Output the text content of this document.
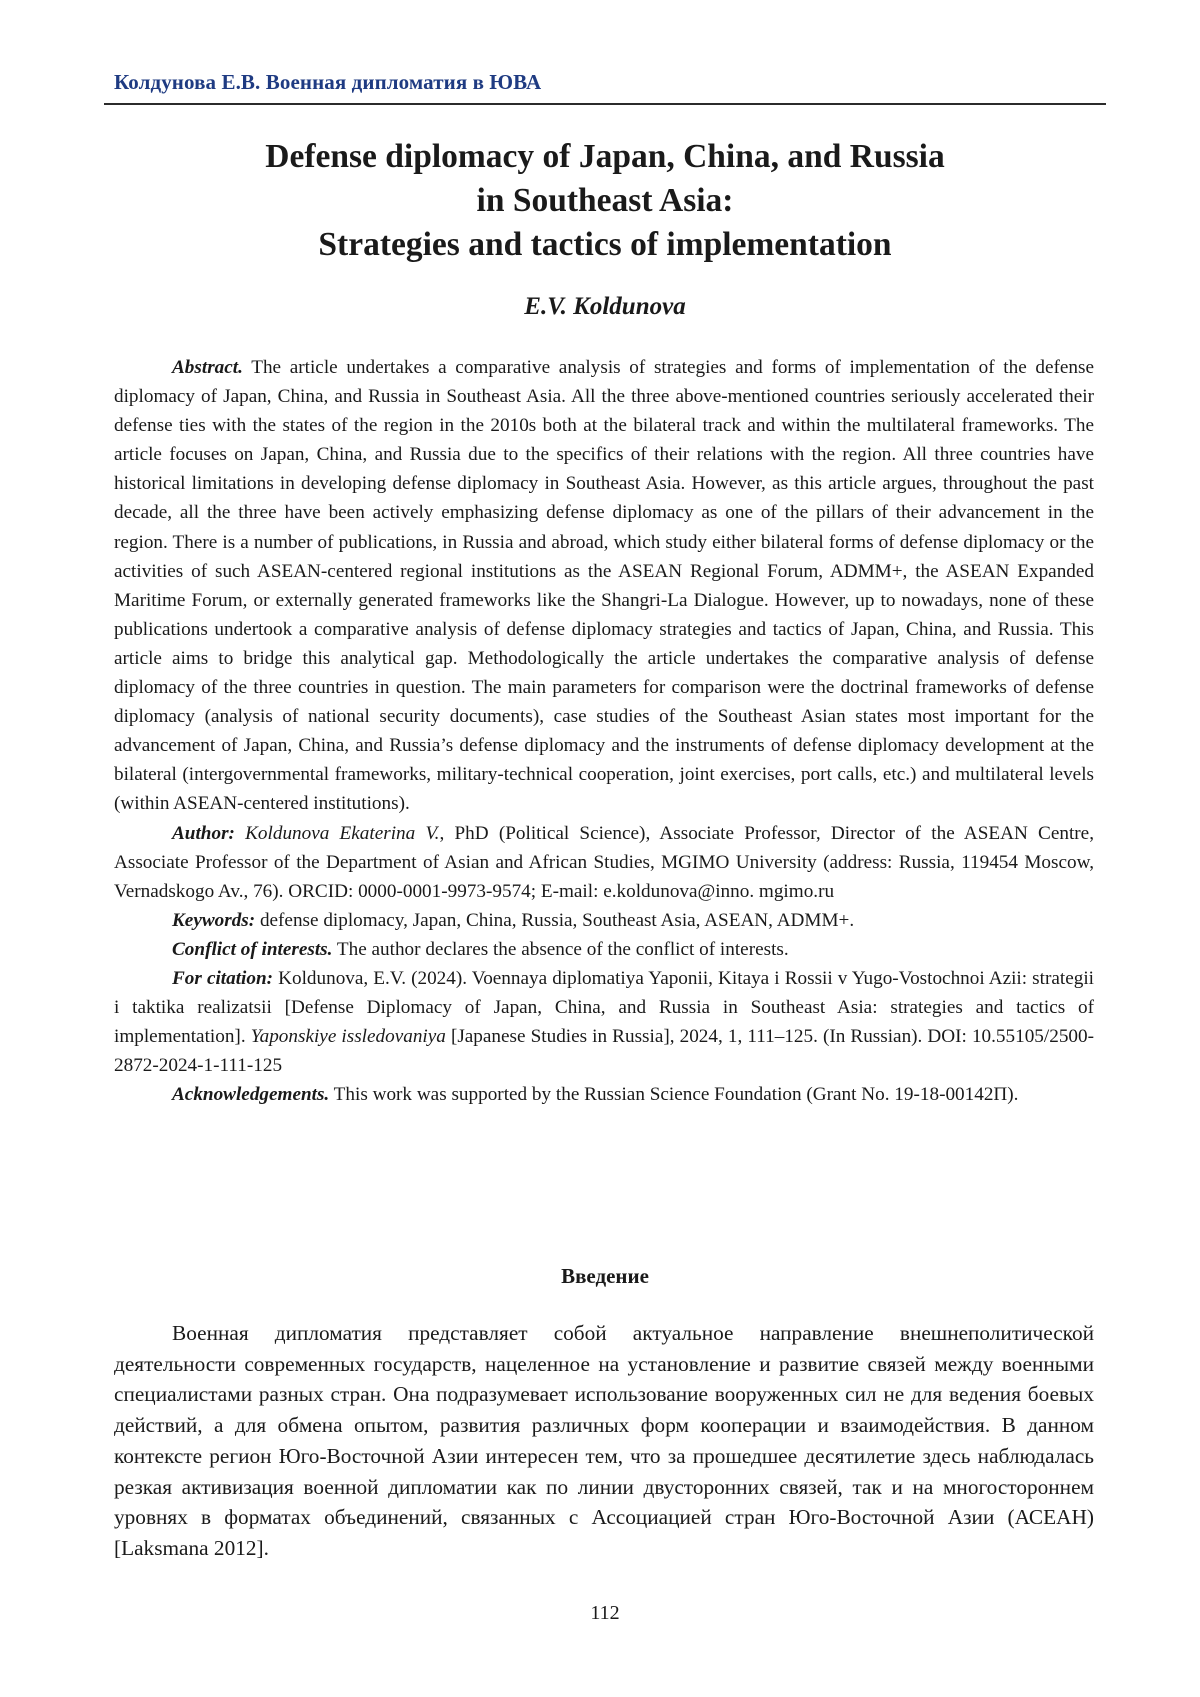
Колдунова Е.В. Военная дипломатия в ЮВА
Defense diplomacy of Japan, China, and Russia
in Southeast Asia:
Strategies and tactics of implementation
E.V. Koldunova

Abstract. The article undertakes a comparative analysis of strategies and forms of implementation of the defense diplomacy of Japan, China, and Russia in Southeast Asia. All the three above-mentioned countries seriously accelerated their defense ties with the states of the region in the 2010s both at the bilateral track and within the multilateral frameworks. The article focuses on Japan, China, and Russia due to the specifics of their relations with the region. All three countries have historical limitations in developing defense diplomacy in Southeast Asia. However, as this article argues, throughout the past decade, all the three have been actively emphasizing defense diplomacy as one of the pillars of their advancement in the region. There is a number of publications, in Russia and abroad, which study either bilateral forms of defense diplomacy or the activities of such ASEAN-centered regional institutions as the ASEAN Regional Forum, ADMM+, the ASEAN Expanded Maritime Forum, or externally generated frameworks like the Shangri-La Dialogue. However, up to nowadays, none of these publications undertook a comparative analysis of defense diplomacy strategies and tactics of Japan, China, and Russia. This article aims to bridge this analytical gap. Methodologically the article undertakes the comparative analysis of defense diplomacy of the three countries in question. The main parameters for comparison were the doctrinal frameworks of defense diplomacy (analysis of national security documents), case studies of the Southeast Asian states most important for the advancement of Japan, China, and Russia’s defense diplomacy and the instruments of defense diplomacy development at the bilateral (intergovernmental frameworks, military-technical cooperation, joint exercises, port calls, etc.) and multilateral levels (within ASEAN-centered institutions).

Author: Koldunova Ekaterina V., PhD (Political Science), Associate Professor, Director of the ASEAN Centre, Associate Professor of the Department of Asian and African Studies, MGIMO University (address: Russia, 119454 Moscow, Vernadskogo Av., 76). ORCID: 0000-0001-9973-9574; E-mail: e.koldunova@inno. mgimo.ru

Keywords: defense diplomacy, Japan, China, Russia, Southeast Asia, ASEAN, ADMM+.

Conflict of interests. The author declares the absence of the conflict of interests.

For citation: Koldunova, E.V. (2024). Voennaya diplomatiya Yaponii, Kitaya i Rossii v Yugo-Vostochnoi Azii: strategii i taktika realizatsii [Defense Diplomacy of Japan, China, and Russia in Southeast Asia: strategies and tactics of implementation]. Yaponskiye issledovaniya [Japanese Studies in Russia], 2024, 1, 111–125. (In Russian). DOI: 10.55105/2500-2872-2024-1-111-125

Acknowledgements. This work was supported by the Russian Science Foundation (Grant No. 19-18-00142П).

Введение

Военная дипломатия представляет собой актуальное направление внешнеполитической деятельности современных государств, нацеленное на установление и развитие связей между военными специалистами разных стран. Она подразумевает использование вооруженных сил не для ведения боевых действий, а для обмена опытом, развития различных форм кооперации и взаимодействия. В данном контексте регион Юго-Восточной Азии интересен тем, что за прошедшее десятилетие здесь наблюдалась резкая активизация военной дипломатии как по линии двусторонних связей, так и на многостороннем уровнях в форматах объединений, связанных с Ассоциацией стран Юго-Восточной Азии (АСЕАН) [Laksmana 2012].

112
